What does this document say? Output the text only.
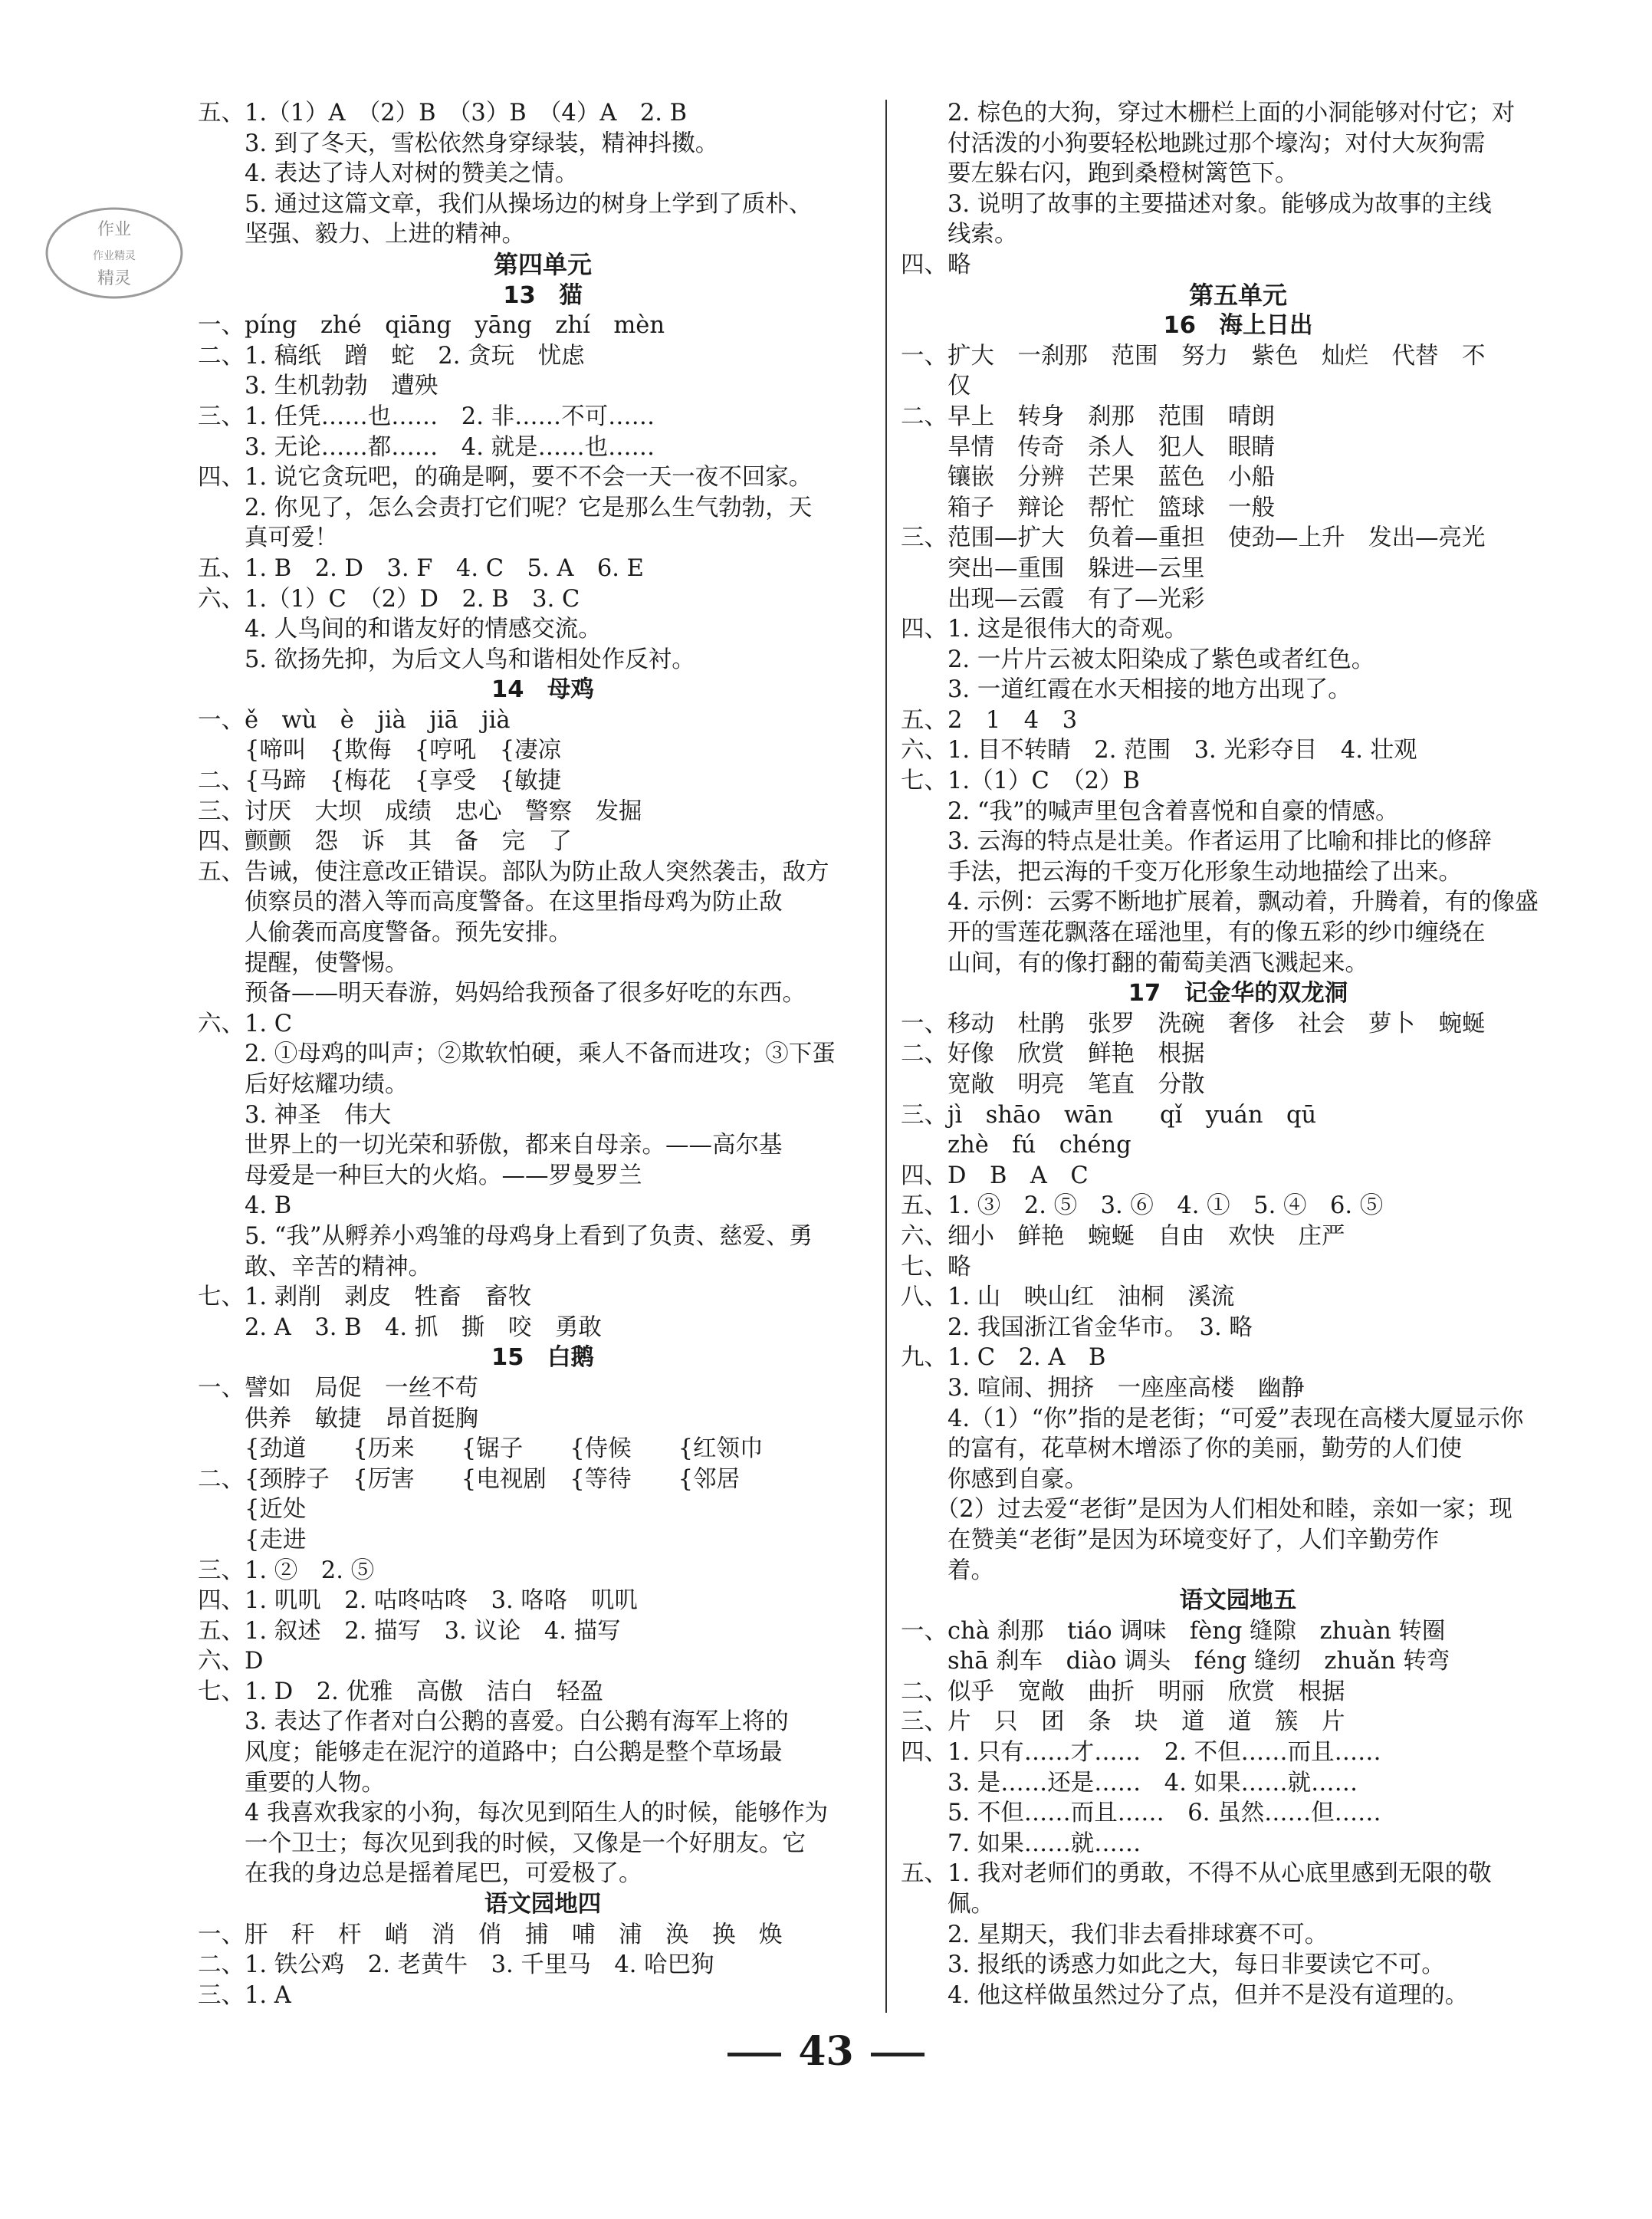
作业
作业精灵
精灵
五、1.（1）A　（2）B　（3）B　（4）A　2. B
　　3. 到了冬天，雪松依然身穿绿装，精神抖擞。
　　4. 表达了诗人对树的赞美之情。
　　5. 通过这篇文章，我们从操场边的树身上学到了质朴、
　　坚强、毅力、上进的精神。
第四单元
13　猫
一、píng　zhé　qiāng　yāng　zhí　mèn
二、1. 稿纸　蹭　蛇　2. 贪玩　忧虑
　　3. 生机勃勃　遭殃
三、1. 任凭……也……　2. 非……不可……
　　3. 无论……都……　4. 就是……也……
四、1. 说它贪玩吧，的确是啊，要不不会一天一夜不回家。
　　2. 你见了，怎么会责打它们呢？它是那么生气勃勃，天
　　真可爱！
五、1. B　2. D　3. F　4. C　5. A　6. E
六、1.（1）C　（2）D　2. B　3. C
　　4. 人鸟间的和谐友好的情感交流。
　　5. 欲扬先抑，为后文人鸟和谐相处作反衬。
14　母鸡
一、ě　wù　è　jià　jiā　jià
　　{啼叫　{欺侮　{哼吼　{凄凉
二、{马蹄　{梅花　{享受　{敏捷
三、讨厌　大坝　成绩　忠心　警察　发掘
四、颤颤　怨　诉　其　备　完　了
五、告诫，使注意改正错误。部队为防止敌人突然袭击，敌方
　　侦察员的潜入等而高度警备。在这里指母鸡为防止敌
　　人偷袭而高度警备。预先安排。
　　提醒，使警惕。
　　预备——明天春游，妈妈给我预备了很多好吃的东西。
六、1. C
　　2. ①母鸡的叫声；②欺软怕硬，乘人不备而进攻；③下蛋
　　后好炫耀功绩。
　　3. 神圣　伟大
　　世界上的一切光荣和骄傲，都来自母亲。——高尔基
　　母爱是一种巨大的火焰。——罗曼罗兰
　　4. B
　　5. “我”从孵养小鸡雏的母鸡身上看到了负责、慈爱、勇
　　敢、辛苦的精神。
七、1. 剥削　剥皮　牲畜　畜牧
　　2. A　3. B　4. 抓　撕　咬　勇敢
15　白鹅
一、譬如　局促　一丝不苟
　　供养　敏捷　昂首挺胸
　　{劲道　　{历来　　{锯子　　{侍候　　{红领巾
二、{颈脖子　{厉害　　{电视剧　{等待　　{邻居
　　{近处
　　{走进
三、1. ②　2. ⑤
四、1. 叽叽　2. 咕咚咕咚　3. 咯咯　叽叽
五、1. 叙述　2. 描写　3. 议论　4. 描写
六、D
七、1. D　2. 优雅　高傲　洁白　轻盈
　　3. 表达了作者对白公鹅的喜爱。白公鹅有海军上将的
　　风度；能够走在泥泞的道路中；白公鹅是整个草场最
　　重要的人物。
　　4 我喜欢我家的小狗，每次见到陌生人的时候，能够作为
　　一个卫士；每次见到我的时候，又像是一个好朋友。它
　　在我的身边总是摇着尾巴，可爱极了。
语文园地四
一、肝　秆　杆　峭　消　俏　捕　哺　浦　涣　换　焕
二、1. 铁公鸡　2. 老黄牛　3. 千里马　4. 哈巴狗
三、1. A
　　2. 棕色的大狗，穿过木栅栏上面的小洞能够对付它；对
　　付活泼的小狗要轻松地跳过那个壕沟；对付大灰狗需
　　要左躲右闪，跑到桑橙树篱笆下。
　　3. 说明了故事的主要描述对象。能够成为故事的主线
　　线索。
四、略
第五单元
16　海上日出
一、扩大　一刹那　范围　努力　紫色　灿烂　代替　不
　　仅
二、早上　转身　刹那　范围　晴朗
　　旱情　传奇　杀人　犯人　眼睛
　　镶嵌　分辨　芒果　蓝色　小船
　　箱子　辩论　帮忙　篮球　一般
三、范围—扩大　负着—重担　使劲—上升　发出—亮光
　　突出—重围　躲进—云里
　　出现—云霞　有了—光彩
四、1. 这是很伟大的奇观。
　　2. 一片片云被太阳染成了紫色或者红色。
　　3. 一道红霞在水天相接的地方出现了。
五、2　1　4　3
六、1. 目不转睛　2. 范围　3. 光彩夺目　4. 壮观
七、1.（1）C　（2）B
　　2. “我”的喊声里包含着喜悦和自豪的情感。
　　3. 云海的特点是壮美。作者运用了比喻和排比的修辞
　　手法，把云海的千变万化形象生动地描绘了出来。
　　4. 示例：云雾不断地扩展着，飘动着，升腾着，有的像盛
　　开的雪莲花飘落在瑶池里，有的像五彩的纱巾缠绕在
　　山间，有的像打翻的葡萄美酒飞溅起来。
17　记金华的双龙洞
一、移动　杜鹃　张罗　洗碗　奢侈　社会　萝卜　蜿蜒
二、好像　欣赏　鲜艳　根据
　　宽敞　明亮　笔直　分散
三、jì　shāo　wān　　qǐ　yuán　qū
　　zhè　fú　chéng
四、D　B　A　C
五、1. ③　2. ⑤　3. ⑥　4. ①　5. ④　6. ⑤
六、细小　鲜艳　蜿蜒　自由　欢快　庄严
七、略
八、1. 山　映山红　油桐　溪流
　　2. 我国浙江省金华市。　3. 略
九、1. C　2. A　B
　　3. 喧闹、拥挤　一座座高楼　幽静
　　4.（1）“你”指的是老街；“可爱”表现在高楼大厦显示你
　　的富有，花草树木增添了你的美丽，勤劳的人们使
　　你感到自豪。
　　（2）过去爱“老街”是因为人们相处和睦，亲如一家；现
　　在赞美“老街”是因为环境变好了，人们辛勤劳作
　　着。
语文园地五
一、chà 刹那　tiáo 调味　fèng 缝隙　zhuàn 转圈
　　shā 刹车　diào 调头　féng 缝纫　zhuǎn 转弯
二、似乎　宽敞　曲折　明丽　欣赏　根据
三、片　只　团　条　块　道　道　簇　片
四、1. 只有……才……　2. 不但……而且……
　　3. 是……还是……　4. 如果……就……
　　5. 不但……而且……　6. 虽然……但……
　　7. 如果……就……
五、1. 我对老师们的勇敢，不得不从心底里感到无限的敬
　　佩。
　　2. 星期天，我们非去看排球赛不可。
　　3. 报纸的诱惑力如此之大，每日非要读它不可。
　　4. 他这样做虽然过分了点，但并不是没有道理的。
43
